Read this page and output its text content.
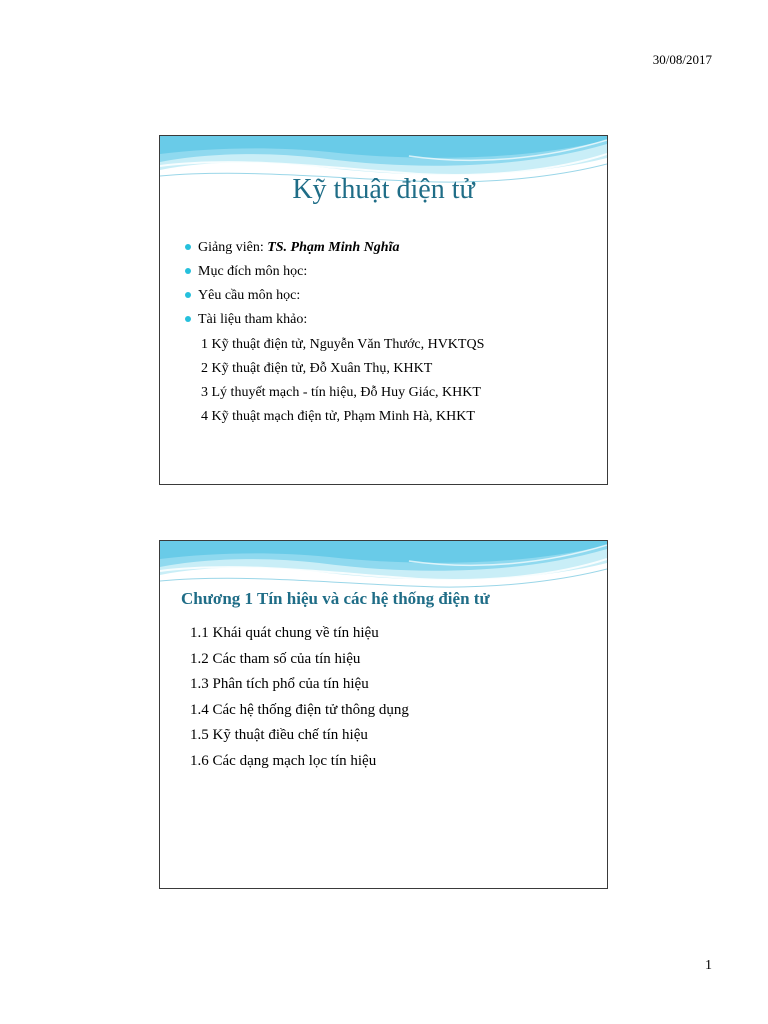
30/08/2017
Kỹ thuật điện tử
Giảng viên: TS. Phạm Minh Nghĩa
Mục đích môn học:
Yêu cầu môn học:
Tài liệu tham khảo:
1 Kỹ thuật điện tử, Nguyễn Văn Thước, HVKTQS
2 Kỹ thuật điện tử, Đỗ Xuân Thụ, KHKT
3 Lý thuyết mạch - tín hiệu, Đỗ Huy Giác, KHKT
4 Kỹ thuật mạch điện tử, Phạm Minh Hà, KHKT
Chương 1 Tín hiệu và các hệ thống điện tử
1.1 Khái quát chung về tín hiệu
1.2 Các tham số của tín hiệu
1.3 Phân tích phổ của tín hiệu
1.4 Các hệ thống điện tử thông dụng
1.5 Kỹ thuật điều chế tín hiệu
1.6 Các dạng mạch lọc tín hiệu
1
